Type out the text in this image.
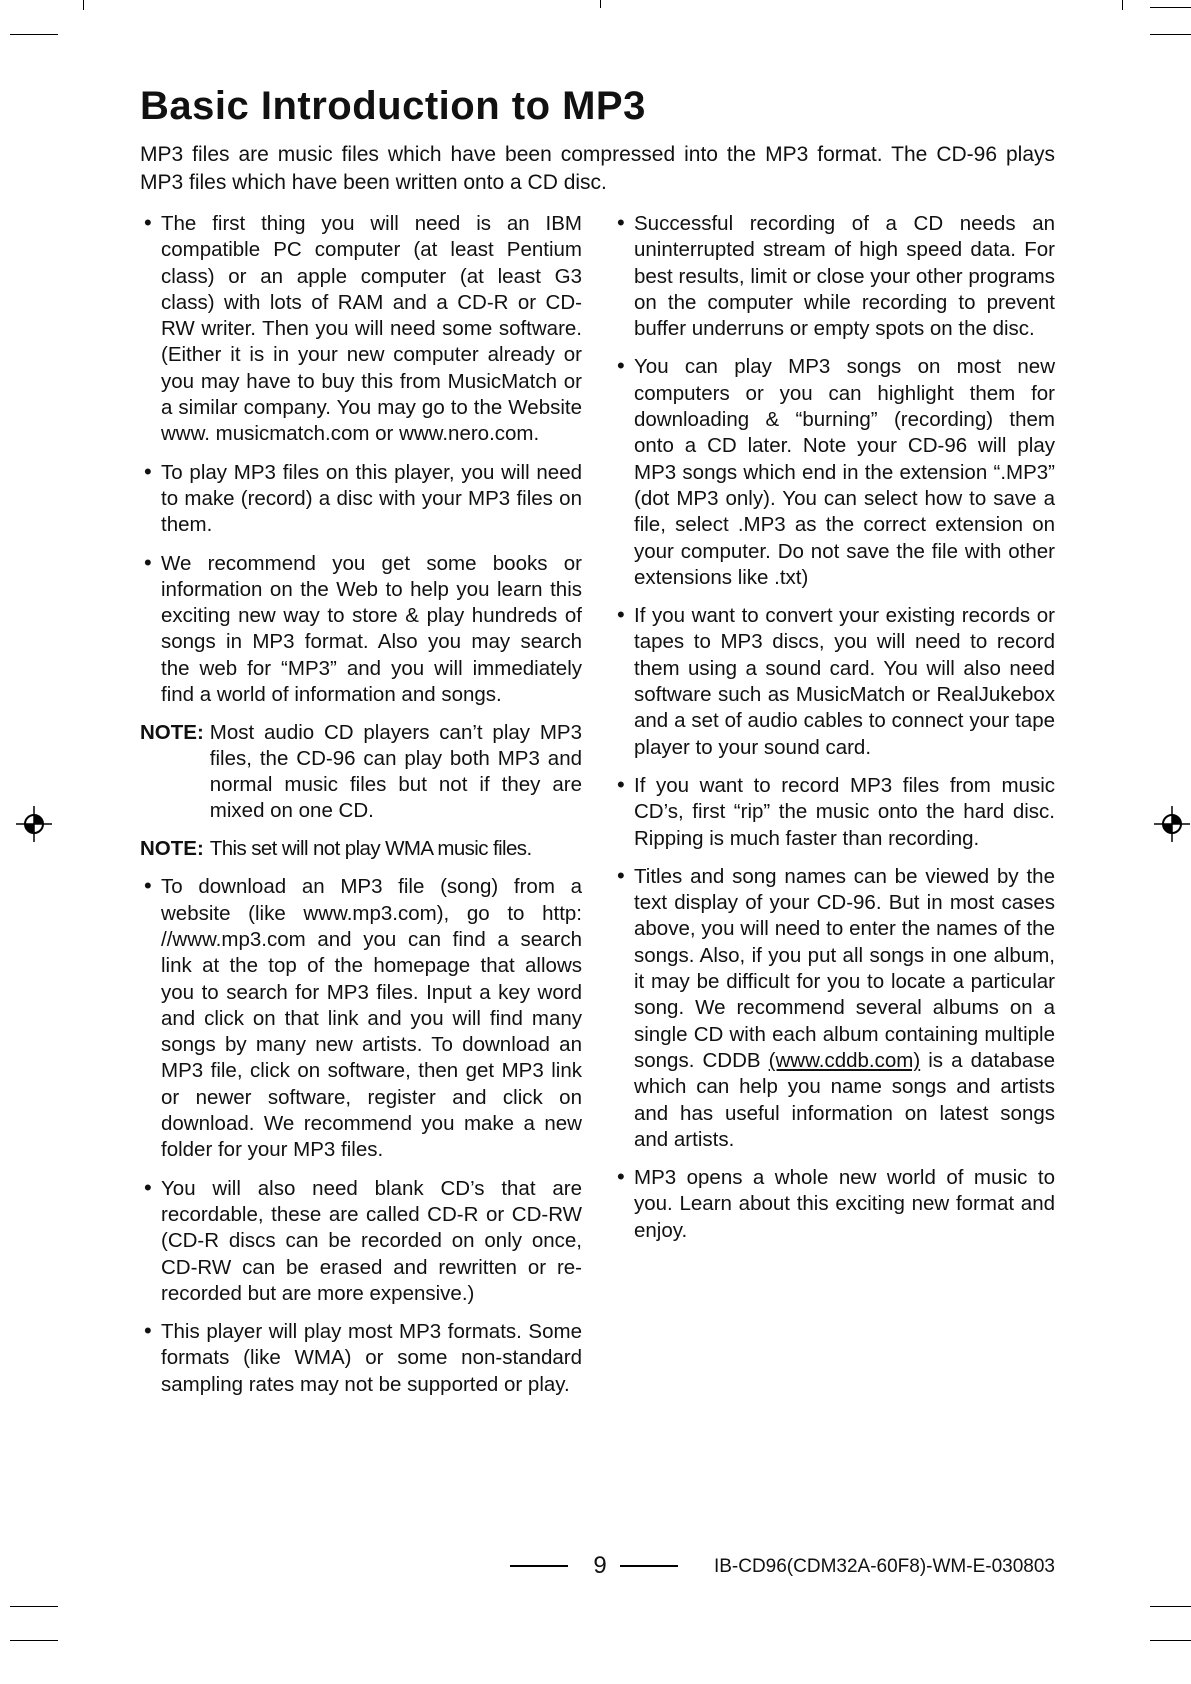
Basic Introduction to MP3

MP3 files are music files which have been compressed into the MP3 format. The CD-96 plays MP3 files which have been written onto a CD disc.

• The first thing you will need is an IBM compatible PC computer (at least Pentium class) or an apple computer (at least G3 class) with lots of RAM and a CD-R or CD-RW writer. Then you will need some software. (Either it is in your new computer already or you may have to buy this from MusicMatch or a similar company. You may go to the Website www. musicmatch.com or www.nero.com.
• To play MP3 files on this player, you will need to make (record) a disc with your MP3 files on them.
• We recommend you get some books or information on the Web to help you learn this exciting new way to store & play hundreds of songs in MP3 format. Also you may search the web for “MP3” and you will immediately find a world of information and songs.
NOTE: Most audio CD players can’t play MP3 files, the CD-96 can play both MP3 and normal music files but not if they are mixed on one CD.
NOTE: This set will not play WMA music files.
• To download an MP3 file (song) from a website (like www.mp3.com), go to http: //www.mp3.com and you can find a search link at the top of the homepage that allows you to search for MP3 files. Input a key word and click on that link and you will find many songs by many new artists. To download an MP3 file, click on software, then get MP3 link or newer software, register and click on download. We recommend you make a new folder for your MP3 files.
• You will also need blank CD’s that are recordable, these are called CD-R or CD-RW (CD-R discs can be recorded on only once, CD-RW can be erased and rewritten or re-recorded but are more expensive.)
• This player will play most MP3 formats. Some formats (like WMA) or some non-standard sampling rates may not be supported or play.
• Successful recording of a CD needs an uninterrupted stream of high speed data. For best results, limit or close your other programs on the computer while recording to prevent buffer underruns or empty spots on the disc.
• You can play MP3 songs on most new computers or you can highlight them for downloading & “burning” (recording) them onto a CD later. Note your CD-96 will play MP3 songs which end in the extension “.MP3” (dot MP3 only). You can select how to save a file, select .MP3 as the correct extension on your computer. Do not save the file with other extensions like .txt)
• If you want to convert your existing records or tapes to MP3 discs, you will need to record them using a sound card. You will also need software such as MusicMatch or RealJukebox and a set of audio cables to connect your tape player to your sound card.
• If you want to record MP3 files from music CD’s, first “rip” the music onto the hard disc. Ripping is much faster than recording.
• Titles and song names can be viewed by the text display of your CD-96. But in most cases above, you will need to enter the names of the songs. Also, if you put all songs in one album, it may be difficult for you to locate a particular song. We recommend several albums on a single CD with each album containing multiple songs. CDDB (www.cddb.com) is a database which can help you name songs and artists and has useful information on latest songs and artists.
• MP3 opens a whole new world of music to you. Learn about this exciting new format and enjoy.
9	IB-CD96(CDM32A-60F8)-WM-E-030803
